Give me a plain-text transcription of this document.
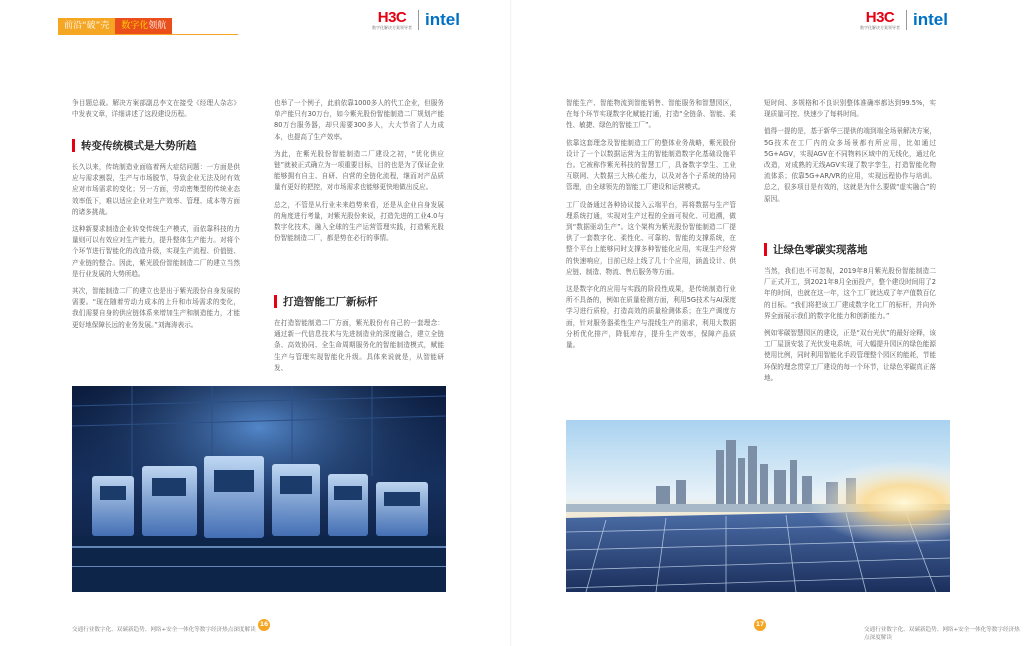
前沿“破”壳	数字化领航	H3C
数字化解决方案领导者 intel

争目题总裁。解决方案部副总李文在接受《经理人杂志》中发表文章，详细讲述了这段建设历程。

转变传统模式是大势所趋

长久以来，传统制造业面临着两大症结问题：一方面是供应与需求割裂，生产与市场脱节，导致企业无法及时有效应对市场需求的变化；另一方面，劳动密集型的传统业态效率低下，难以适应企业对生产效率、管理、成本等方面的诸多挑战。

这种新要求制造企业转变传统生产模式，而依靠科技的力量则可以有效应对生产能力，提升整体生产能力。对将个个环节进行智能化的改造升级，实现生产流程、价值链、产业链的整合。因此，紫光股份智能制造二厂的建立当然是行业发展的大势所趋。

其次，智能制造二厂的建立也是出于紫光股份自身发展的需要。“现在随着劳动力成本的上升和市场需求的变化，我们需要自身的供应链体系来增加生产和制造能力，才能更好地保障长远的业务发展。”刘海涛表示。

也举了一个例子，此前依靠1000多人的代工企业，但服务单产能只有30万台，如今紫光股份智能制造二厂规划产能80万台服务器，却只需要300多人，大大节省了人力成本，也提高了生产效率。

为此，在紫光股份智能制造二厂建设之初，“优化供应链”就被正式确立为一项重要目标，目的也是为了保证企业能够拥有自主、自研、自营的全链化流程，继而对产品质量有更好的把控，对市场需求也能够更快地做出反应。

总之，不管是从行业未来趋势来看，还是从企业自身发展的角度进行考量，对紫光股份来说，打造先进的工业4.0与数字化技术，融入全球的生产运营管理实践，打造紫光股份智能制造二厂，都是势在必行的事情。

打造智能工厂新标杆

在打造智能制造二厂方面，紫光股份有自己的一套理念：通过新一代信息技术与先进制造业的深度融合，建立全链条、高效协同、全生命周期服务化的智能制造模式，赋能生产与管理实现智能化升级。具体来说就是，从智能研发、

交通行业数字化、双碳新趋势、网络+安全一体化等数字经济热点深度解读
16
H3C
数字化解决方案领导者 intel

智能生产、智能物流到智能销售、智能服务和智慧园区，在每个环节实现数字化赋能打通，打造“全链条、智能、柔性、敏捷、绿色的智能工厂”。

依靠这套理念及智能制造工厂的整体业务战略，紫光股份设计了一个以数据运营为主的智能制造数字化基础设施平台。它被称作紫光科技的智慧工厂，具备数字孪生、工业互联网、大数据三大核心能力，以及对各个子系统的协同管理，由全球领先的智能工厂建设和运营模式。

工厂设备通过各种协议接入云端平台，再将数据与生产管理系统打通，实现对生产过程的全面可视化、可追溯，做到“数据驱动生产”。这个架构为紫光股份智能制造二厂提供了一套数字化、柔性化、可靠的、智能的支撑系统，在整个平台上能够同时支撑多种智能化应用，实现生产经营的快速响应，目前已经上线了几十个应用，涵盖设计、供应链、制造、物流、售后服务等方面。

这是数字化的应用与实践的阶段性成果，是传统制造行业所不具备的，例如在质量检测方面，利用5G技术与AI深度学习进行质检，打造高效的质量检测体系；在生产调度方面，针对服务器柔性生产与混线生产的需求，利用大数据分析优化排产，降低库存，提升生产效率，保障产品质量。

短时间、多规格和不良识别整体准确率都达到99.5%，实现质量可控、快速少了每料时间。

值得一提的是，基于新华三提供的端到端全场景解决方案，5G技术在工厂内的众多场景都有所应用，比如通过5G+AGV，实现AGV在不同物料区域中的无线化，通过化改造，对成熟的无线AGV实现了数字孪生，打造智能化物流体系；依靠5G+AR/VR的应用，实现远程协作与培训。总之，很多项目是有效的，这就是为什么要做“虚实融合”的原因。

让绿色零碳实现落地

当然，我们也不可忽视，2019年8月紫光股份智能制造二厂正式开工，到2021年8月全面投产，整个建设时间用了2年的时间，也就在这一年，这个工厂就达成了年产值数百亿的目标。“我们将把该工厂建成数字化工厂的标杆，并向外界全面展示我们的数字化能力和创新能力。”

例如零碳智慧园区的建设，正是“双台光伏”的最好诠释，该工厂屋顶安装了光伏发电系统，可大幅提升园区的绿色能源使用比例，同时利用智能化手段管理整个园区的能耗，节能环保的理念贯穿工厂建设的每一个环节，让绿色零碳真正落地。

17
交通行业数字化、双碳新趋势、网络+安全一体化等数字经济热点深度解读
